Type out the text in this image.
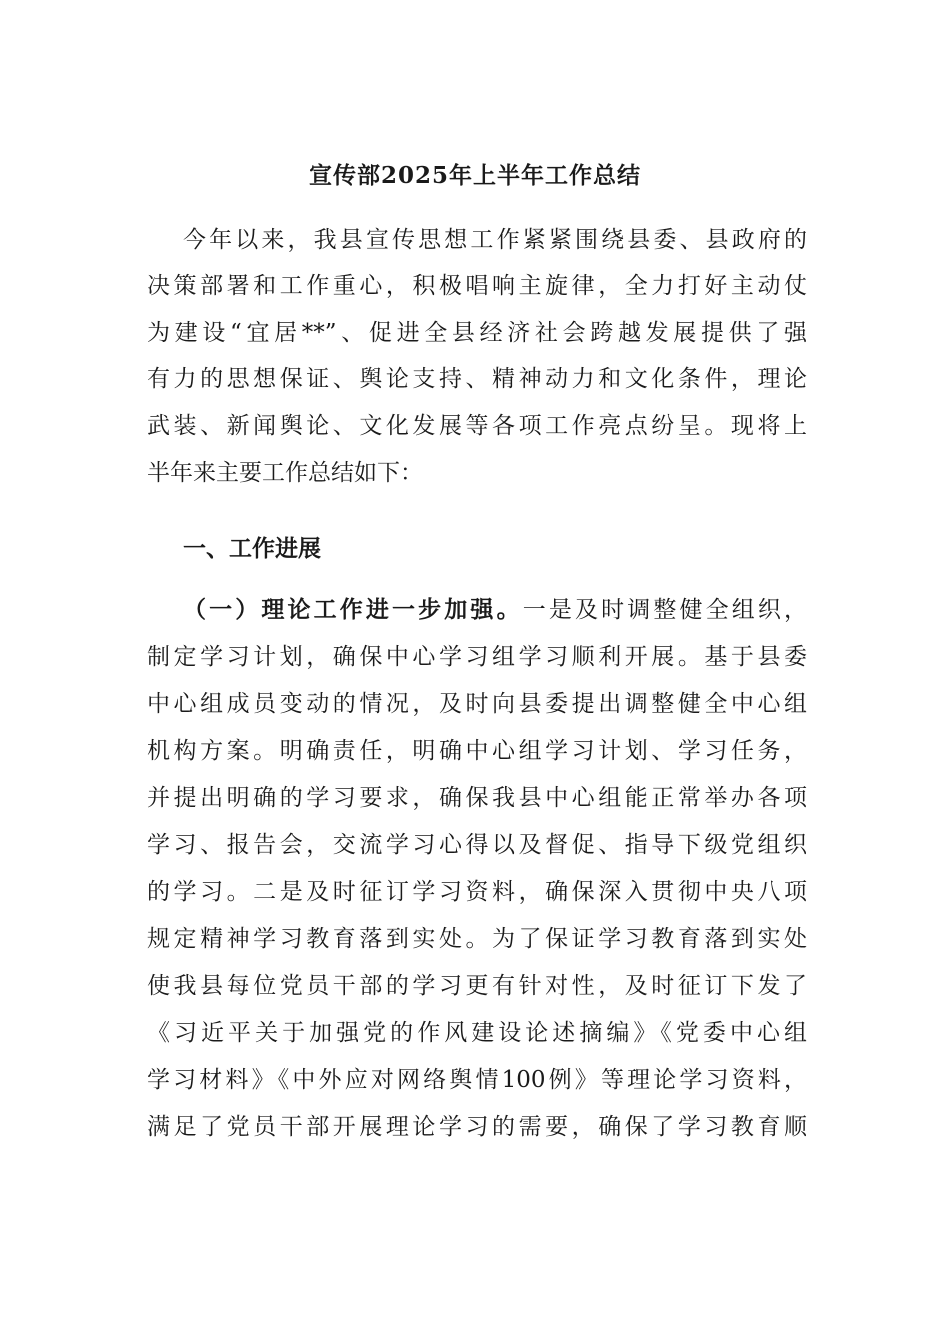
宣传部2025年上半年工作总结
今年以来，我县宣传思想工作紧紧围绕县委、县政府的
决策部署和工作重心，积极唱响主旋律，全力打好主动仗
为建设“宜居**”、促进全县经济社会跨越发展提供了强
有力的思想保证、舆论支持、精神动力和文化条件，理论
武装、新闻舆论、文化发展等各项工作亮点纷呈。现将上
半年来主要工作总结如下：
一、工作进展
（一）理论工作进一步加强。一是及时调整健全组织，
制定学习计划，确保中心学习组学习顺利开展。基于县委
中心组成员变动的情况，及时向县委提出调整健全中心组
机构方案。明确责任，明确中心组学习计划、学习任务，
并提出明确的学习要求，确保我县中心组能正常举办各项
学习、报告会，交流学习心得以及督促、指导下级党组织
的学习。二是及时征订学习资料，确保深入贯彻中央八项
规定精神学习教育落到实处。为了保证学习教育落到实处
使我县每位党员干部的学习更有针对性，及时征订下发了
《习近平关于加强党的作风建设论述摘编》《党委中心组
学习材料》《中外应对网络舆情100例》等理论学习资料，
满足了党员干部开展理论学习的需要，确保了学习教育顺
